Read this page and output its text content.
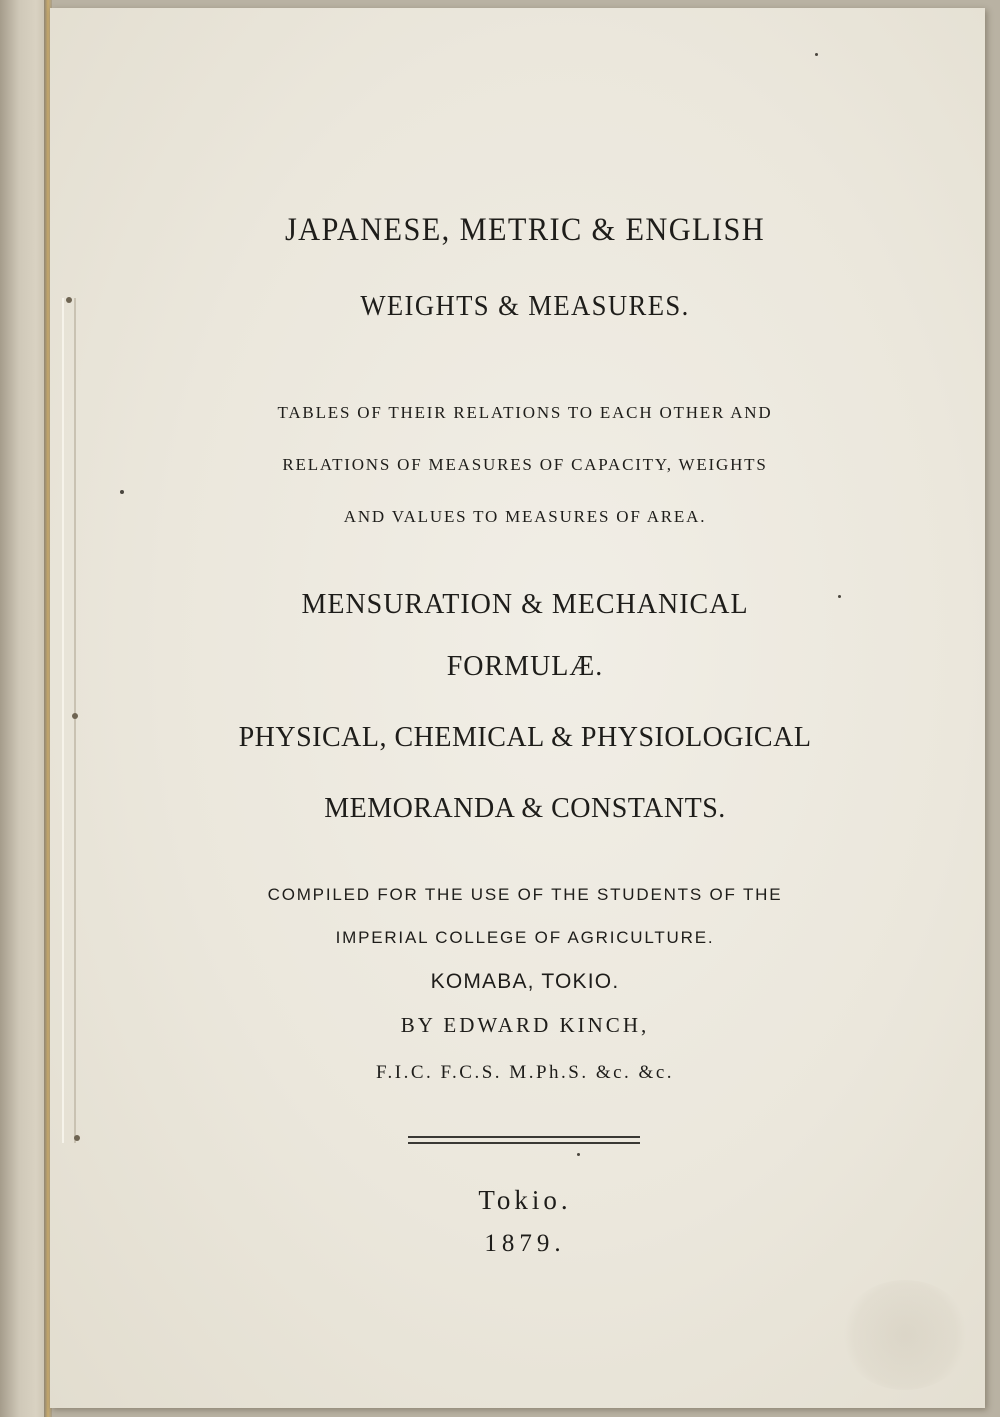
JAPANESE, METRIC & ENGLISH
WEIGHTS & MEASURES.
TABLES OF THEIR RELATIONS TO EACH OTHER AND
RELATIONS OF MEASURES OF CAPACITY, WEIGHTS
AND VALUES TO MEASURES OF AREA.
MENSURATION & MECHANICAL
FORMULÆ.
PHYSICAL, CHEMICAL & PHYSIOLOGICAL
MEMORANDA & CONSTANTS.
COMPILED FOR THE USE OF THE STUDENTS OF THE
IMPERIAL COLLEGE OF AGRICULTURE.
KOMABA, TOKIO.
BY EDWARD KINCH,
F.I.C. F.C.S. M.Ph.S. &c. &c.
Tokio.
1879.
